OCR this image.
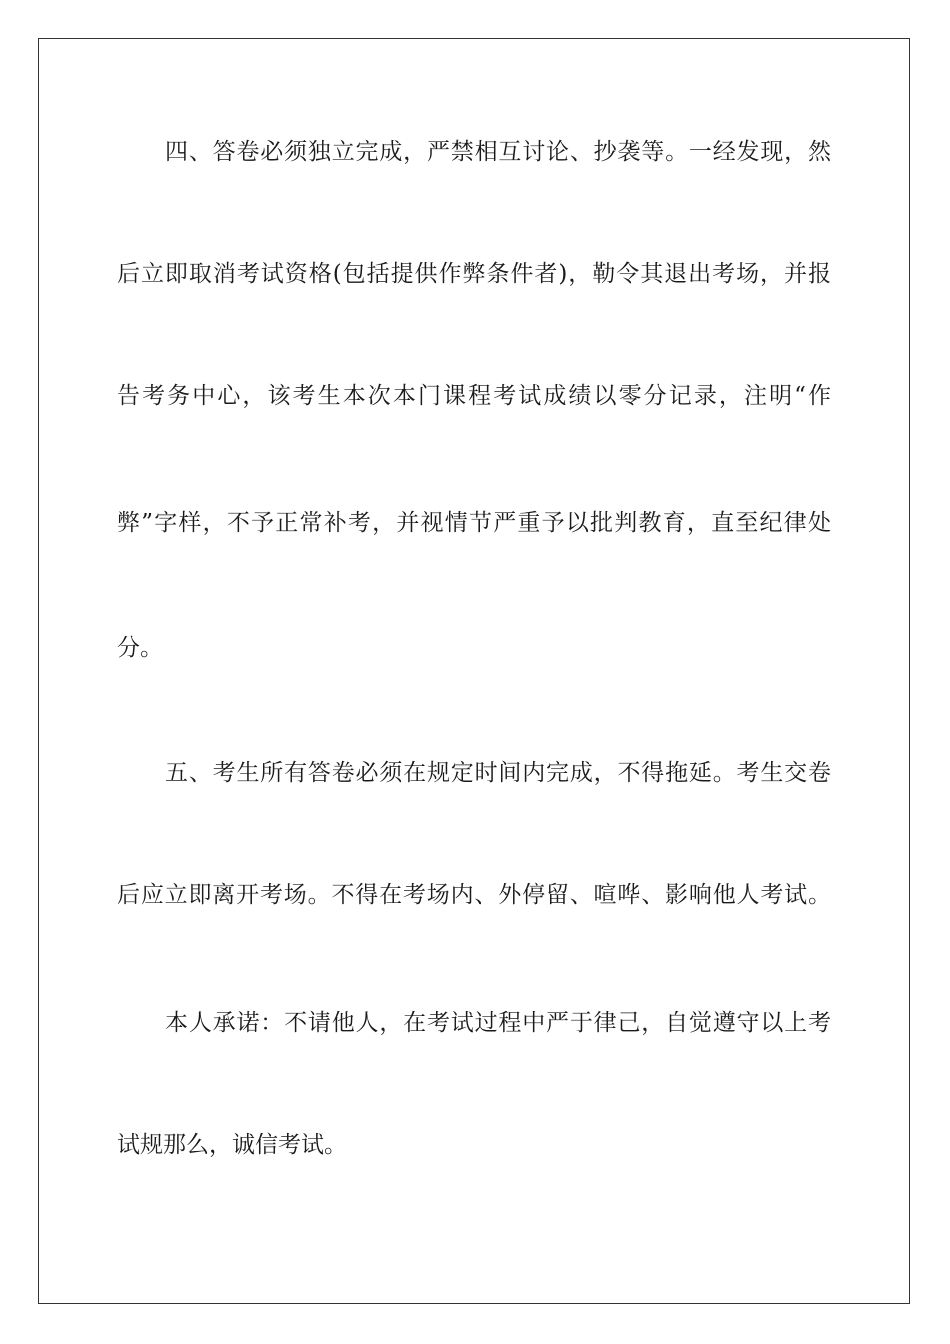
四、答卷必须独立完成，严禁相互讨论、抄袭等。一经发现，然
后立即取消考试资格(包括提供作弊条件者)，勒令其退出考场，并报
告考务中心，该考生本次本门课程考试成绩以零分记录，注明“作
弊”字样，不予正常补考，并视情节严重予以批判教育，直至纪律处
分。
五、考生所有答卷必须在规定时间内完成，不得拖延。考生交卷
后应立即离开考场。不得在考场内、外停留、喧哗、影响他人考试。
本人承诺：不请他人，在考试过程中严于律己，自觉遵守以上考
试规那么，诚信考试。
